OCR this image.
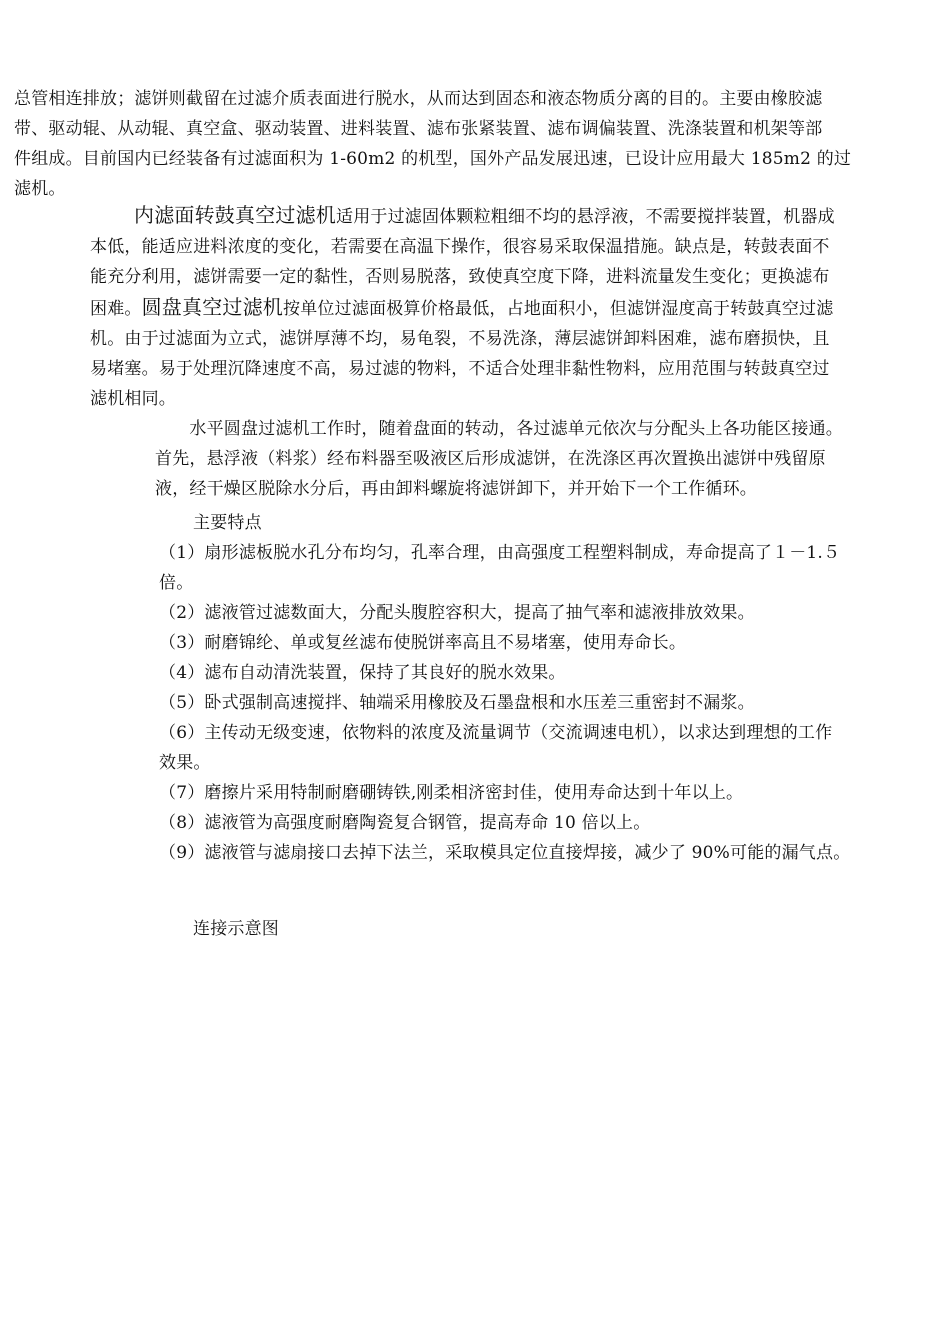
总管相连排放；滤饼则截留在过滤介质表面进行脱水，从而达到固态和液态物质分离的目的。主要由橡胶滤
带、驱动辊、从动辊、真空盒、驱动装置、进料装置、滤布张紧装置、滤布调偏装置、洗涤装置和机架等部
件组成。目前国内已经装备有过滤面积为 1-60m2 的机型，国外产品发展迅速，已设计应用最大 185m2 的过
滤机。
内滤面转鼓真空过滤机适用于过滤固体颗粒粗细不均的悬浮液，不需要搅拌装置，机器成
本低，能适应进料浓度的变化，若需要在高温下操作，很容易采取保温措施。缺点是，转鼓表面不
能充分利用，滤饼需要一定的黏性，否则易脱落，致使真空度下降，进料流量发生变化；更换滤布
困难。圆盘真空过滤机按单位过滤面极算价格最低，占地面积小，但滤饼湿度高于转鼓真空过滤
机。由于过滤面为立式，滤饼厚薄不均，易龟裂，不易洗涤，薄层滤饼卸料困难，滤布磨损快，且
易堵塞。易于处理沉降速度不高，易过滤的物料，不适合处理非黏性物料，应用范围与转鼓真空过
滤机相同。
　　水平圆盘过滤机工作时，随着盘面的转动，各过滤单元依次与分配头上各功能区接通。
首先，悬浮液（料浆）经布料器至吸液区后形成滤饼，在洗涤区再次置换出滤饼中残留原
液，经干燥区脱除水分后，再由卸料螺旋将滤饼卸下，并开始下一个工作循环。
主要特点
（1）扇形滤板脱水孔分布均匀，孔率合理，由高强度工程塑料制成，寿命提高了１－1.５
倍。
（2）滤液管过滤数面大，分配头腹腔容积大，提高了抽气率和滤液排放效果。
（3）耐磨锦纶、单或复丝滤布使脱饼率高且不易堵塞，使用寿命长。
（4）滤布自动清洗装置，保持了其良好的脱水效果。
（5）卧式强制高速搅拌、轴端采用橡胶及石墨盘根和水压差三重密封不漏浆。
（6）主传动无级变速，依物料的浓度及流量调节（交流调速电机），以求达到理想的工作
效果。
（7）磨擦片采用特制耐磨硼铸铁,刚柔相济密封佳，使用寿命达到十年以上。
（8）滤液管为高强度耐磨陶瓷复合钢管，提高寿命 10 倍以上。
（9）滤液管与滤扇接口去掉下法兰，采取模具定位直接焊接，减少了 90%可能的漏气点。
连接示意图
